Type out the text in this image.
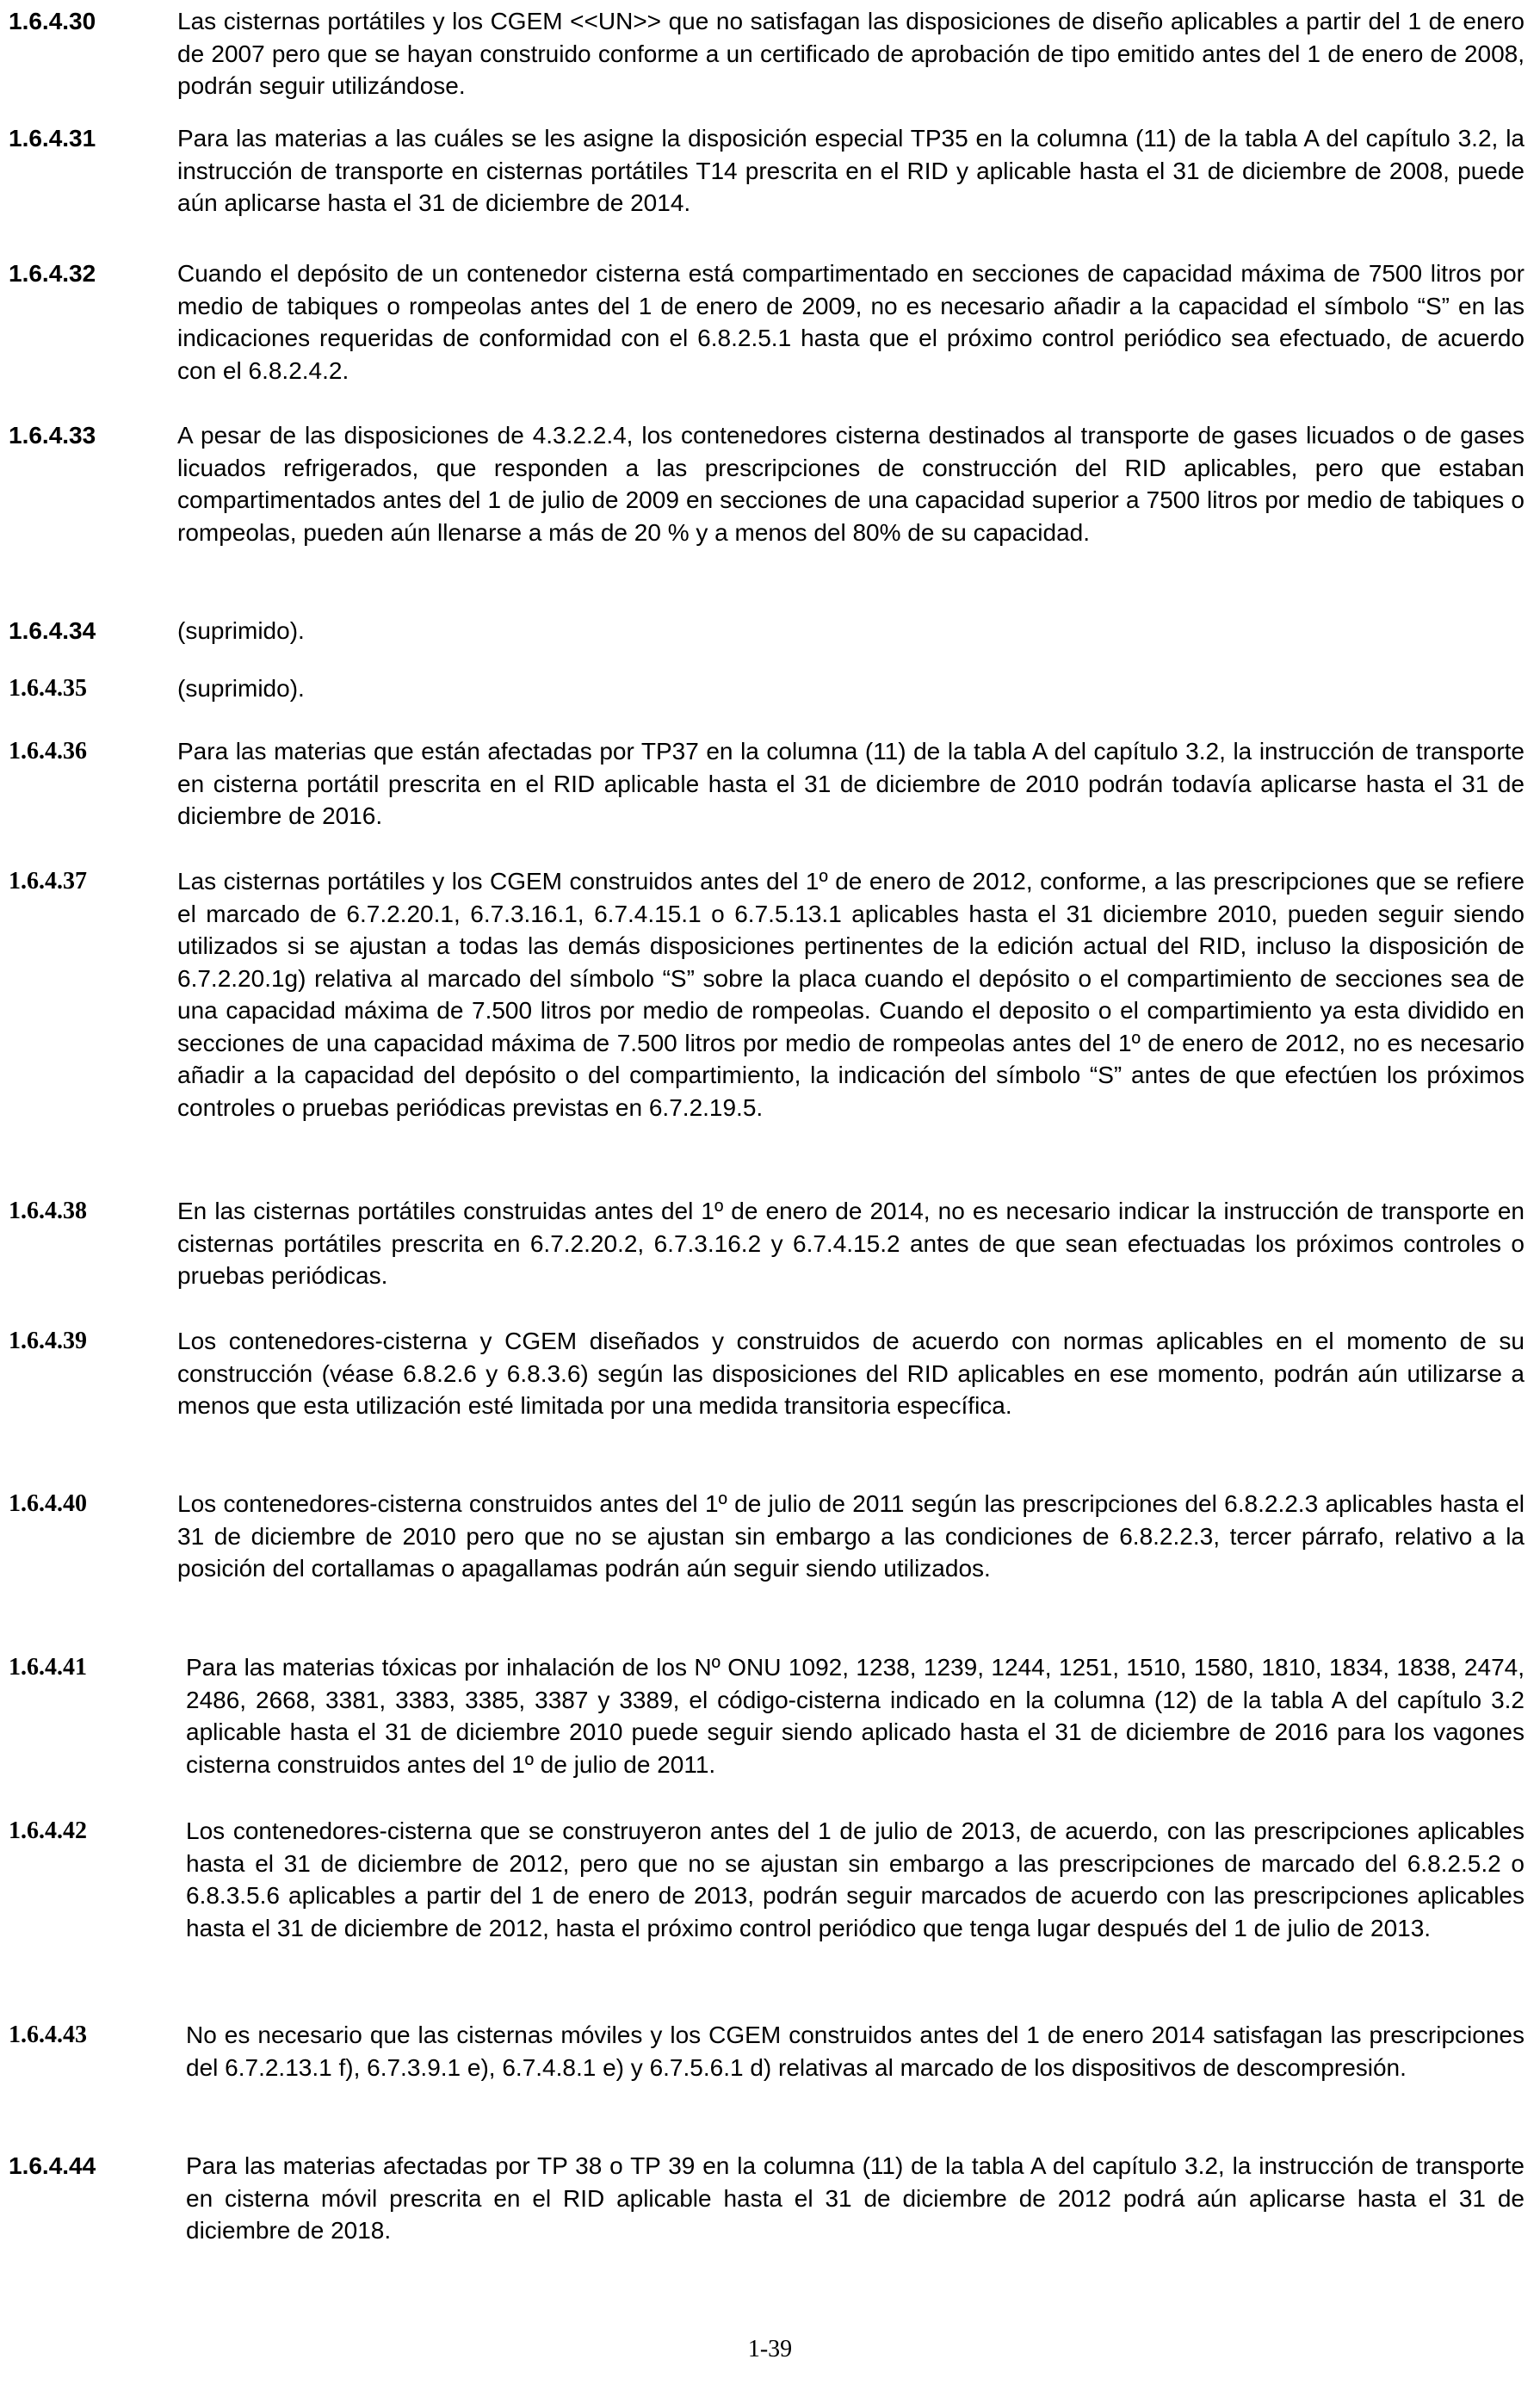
1.6.4.30	Las cisternas portátiles y los CGEM <<UN>> que no satisfagan las disposiciones de diseño aplicables a partir del 1 de enero de 2007 pero que se hayan construido conforme a un certificado de aprobación de tipo emitido antes del 1 de enero de 2008, podrán seguir utilizándose.
1.6.4.31	Para las materias a las cuáles se les asigne la disposición especial TP35 en la columna (11) de la tabla A del capítulo 3.2, la instrucción de transporte en cisternas portátiles T14 prescrita en el RID y aplicable hasta el 31 de diciembre de 2008, puede aún aplicarse hasta el 31 de diciembre de 2014.
1.6.4.32	Cuando el depósito de un contenedor cisterna está compartimentado en secciones de capacidad máxima de 7500 litros por medio de tabiques o rompeolas antes del 1 de enero de 2009, no es necesario añadir a la capacidad el símbolo “S” en las indicaciones requeridas de conformidad con el 6.8.2.5.1 hasta que el próximo control periódico sea efectuado, de acuerdo con el 6.8.2.4.2.
1.6.4.33	A pesar de las disposiciones de 4.3.2.2.4, los contenedores cisterna destinados al transporte de gases licuados o de gases licuados refrigerados, que responden a las prescripciones de construcción del RID aplicables, pero que estaban compartimentados antes del 1 de julio de 2009 en secciones de una capacidad superior a 7500 litros por medio de tabiques o rompeolas, pueden aún llenarse a más de 20 % y a menos del 80% de su capacidad.
1.6.4.34	(suprimido).
1.6.4.35	(suprimido).
1.6.4.36	Para las materias que están afectadas por TP37 en la columna (11) de la tabla A del capítulo 3.2, la instrucción de transporte en cisterna portátil prescrita en el RID aplicable hasta el 31 de diciembre de 2010 podrán todavía aplicarse hasta el 31 de diciembre de 2016.
1.6.4.37	Las cisternas portátiles y los CGEM construidos antes del 1º de enero de 2012, conforme, a las prescripciones que se refiere el marcado de 6.7.2.20.1, 6.7.3.16.1, 6.7.4.15.1 o 6.7.5.13.1 aplicables hasta el 31 diciembre 2010, pueden seguir siendo utilizados si se ajustan a todas las demás disposiciones pertinentes de la edición actual del RID, incluso la disposición de 6.7.2.20.1g) relativa al marcado del símbolo “S” sobre la placa cuando el depósito o el compartimiento de secciones sea de una capacidad máxima de 7.500 litros por medio de rompeolas. Cuando el deposito o el compartimiento ya esta dividido en secciones de una capacidad máxima de 7.500 litros por medio de rompeolas antes del 1º de enero de 2012, no es necesario añadir a la capacidad del depósito o del compartimiento, la indicación del símbolo “S” antes de que efectúen los próximos controles o pruebas periódicas previstas en 6.7.2.19.5.
1.6.4.38	En las cisternas portátiles construidas antes del 1º de enero de 2014, no es necesario indicar la instrucción de transporte en cisternas portátiles prescrita en 6.7.2.20.2, 6.7.3.16.2 y 6.7.4.15.2 antes de que sean efectuadas los próximos controles o pruebas periódicas.
1.6.4.39	Los contenedores-cisterna y CGEM diseñados y construidos de acuerdo con normas aplicables en el momento de su construcción (véase 6.8.2.6 y 6.8.3.6) según las disposiciones del RID aplicables en ese momento, podrán aún utilizarse a menos que esta utilización esté limitada por una medida transitoria específica.
1.6.4.40	Los contenedores-cisterna construidos antes del 1º de julio de 2011 según las prescripciones del 6.8.2.2.3 aplicables hasta el 31 de diciembre de 2010 pero que no se ajustan sin embargo a las condiciones de 6.8.2.2.3, tercer párrafo, relativo a la posición del cortallamas o apagallamas podrán aún seguir siendo utilizados.
1.6.4.41	Para las materias tóxicas por inhalación de los Nº ONU 1092, 1238, 1239, 1244, 1251, 1510, 1580, 1810, 1834, 1838, 2474, 2486, 2668, 3381, 3383, 3385, 3387 y 3389, el código-cisterna indicado en la columna (12) de la tabla A del capítulo 3.2 aplicable hasta el 31 de diciembre 2010 puede seguir siendo aplicado hasta el 31 de diciembre de 2016 para los vagones cisterna construidos antes del 1º de julio de 2011.
1.6.4.42	Los contenedores-cisterna que se construyeron antes del 1 de julio de 2013, de acuerdo, con las prescripciones aplicables hasta el 31 de diciembre de 2012, pero que no se ajustan sin embargo a las prescripciones de marcado del 6.8.2.5.2 o 6.8.3.5.6 aplicables a partir del 1 de enero de 2013, podrán seguir marcados de acuerdo con las prescripciones aplicables hasta el 31 de diciembre de 2012, hasta el próximo control periódico que tenga lugar después del 1 de julio de 2013.
1.6.4.43	No es necesario que las cisternas móviles y los CGEM construidos antes del 1 de enero 2014 satisfagan las prescripciones del 6.7.2.13.1 f), 6.7.3.9.1 e), 6.7.4.8.1 e) y 6.7.5.6.1 d) relativas al marcado de los dispositivos de descompresión.
1.6.4.44	Para las materias afectadas por TP 38 o TP 39 en la columna (11) de la tabla A del capítulo 3.2, la instrucción de transporte en cisterna móvil prescrita en el RID aplicable hasta el 31 de diciembre de 2012 podrá aún aplicarse hasta el 31 de diciembre de 2018.
1-39
